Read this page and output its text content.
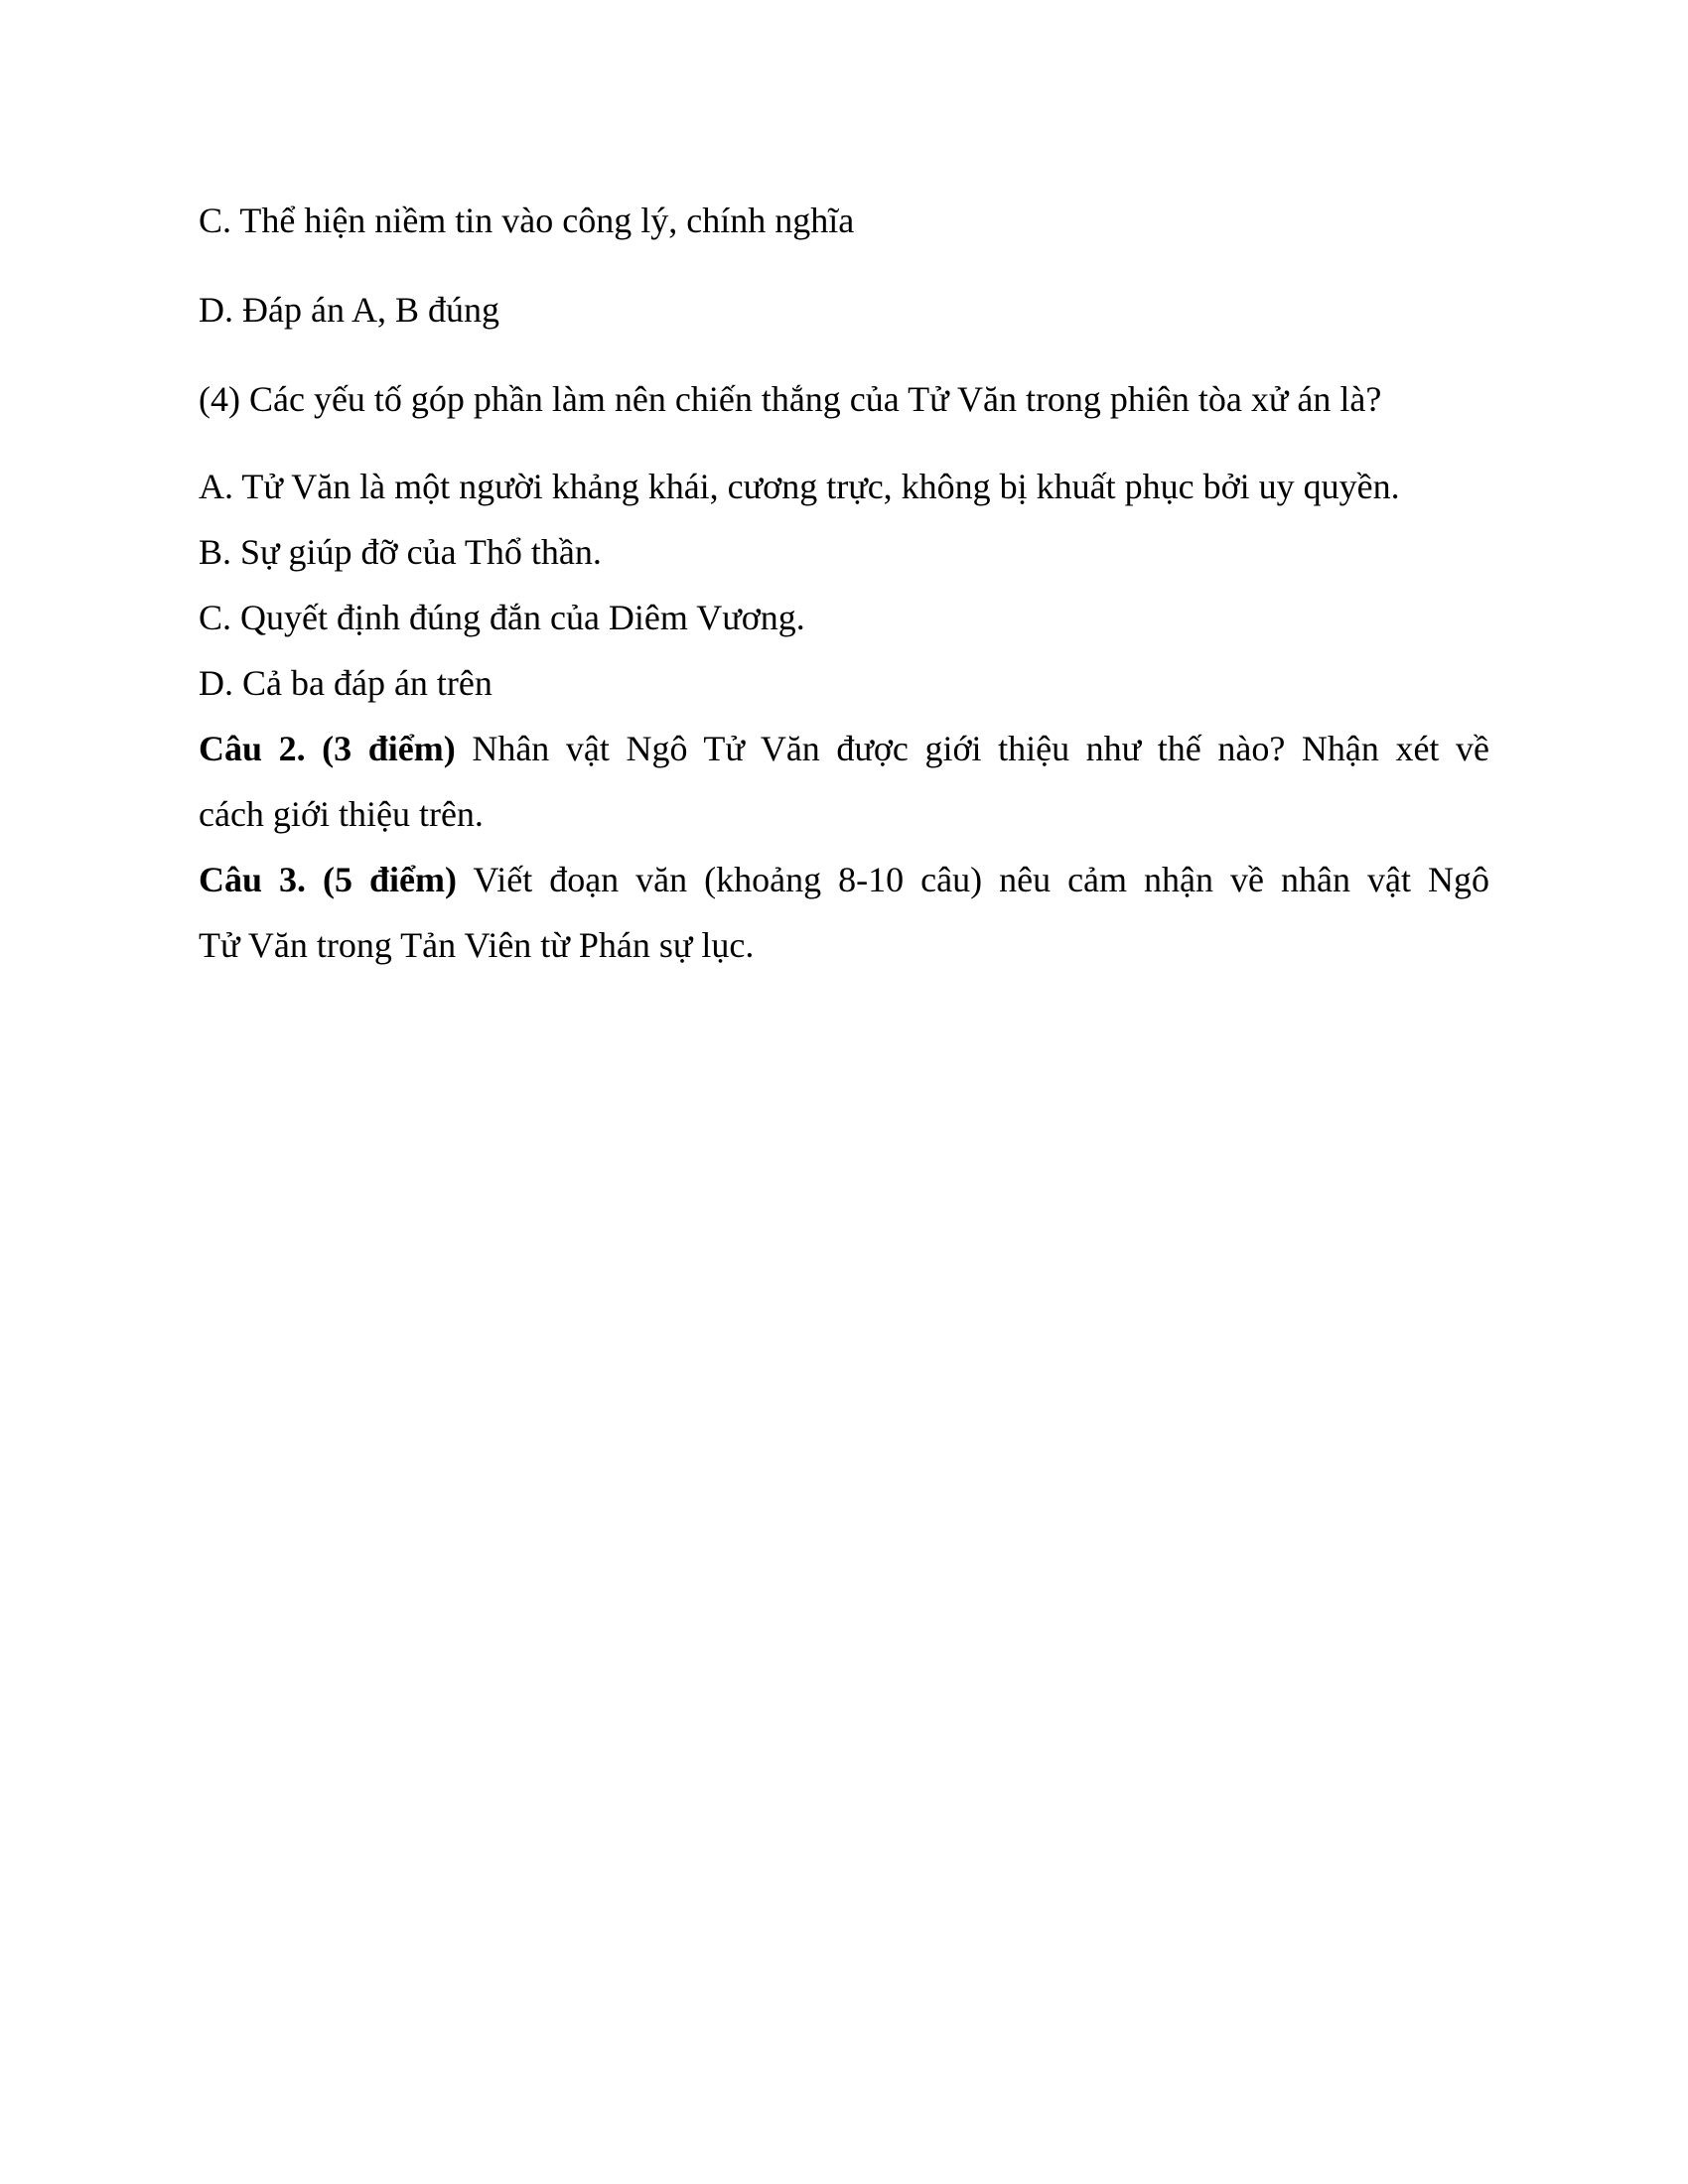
C. Thể hiện niềm tin vào công lý, chính nghĩa
D. Đáp án A, B đúng
(4) Các yếu tố góp phần làm nên chiến thắng của Tử Văn trong phiên tòa xử án là?
A. Tử Văn là một người khảng khái, cương trực, không bị khuất phục bởi uy quyền.
B. Sự giúp đỡ của Thổ thần.
C. Quyết định đúng đắn của Diêm Vương.
D. Cả ba đáp án trên
Câu 2. (3 điểm) Nhân vật Ngô Tử Văn được giới thiệu như thế nào? Nhận xét về
cách giới thiệu trên.
Câu 3. (5 điểm) Viết đoạn văn (khoảng 8-10 câu) nêu cảm nhận về nhân vật Ngô
Tử Văn trong Tản Viên từ Phán sự lục.
